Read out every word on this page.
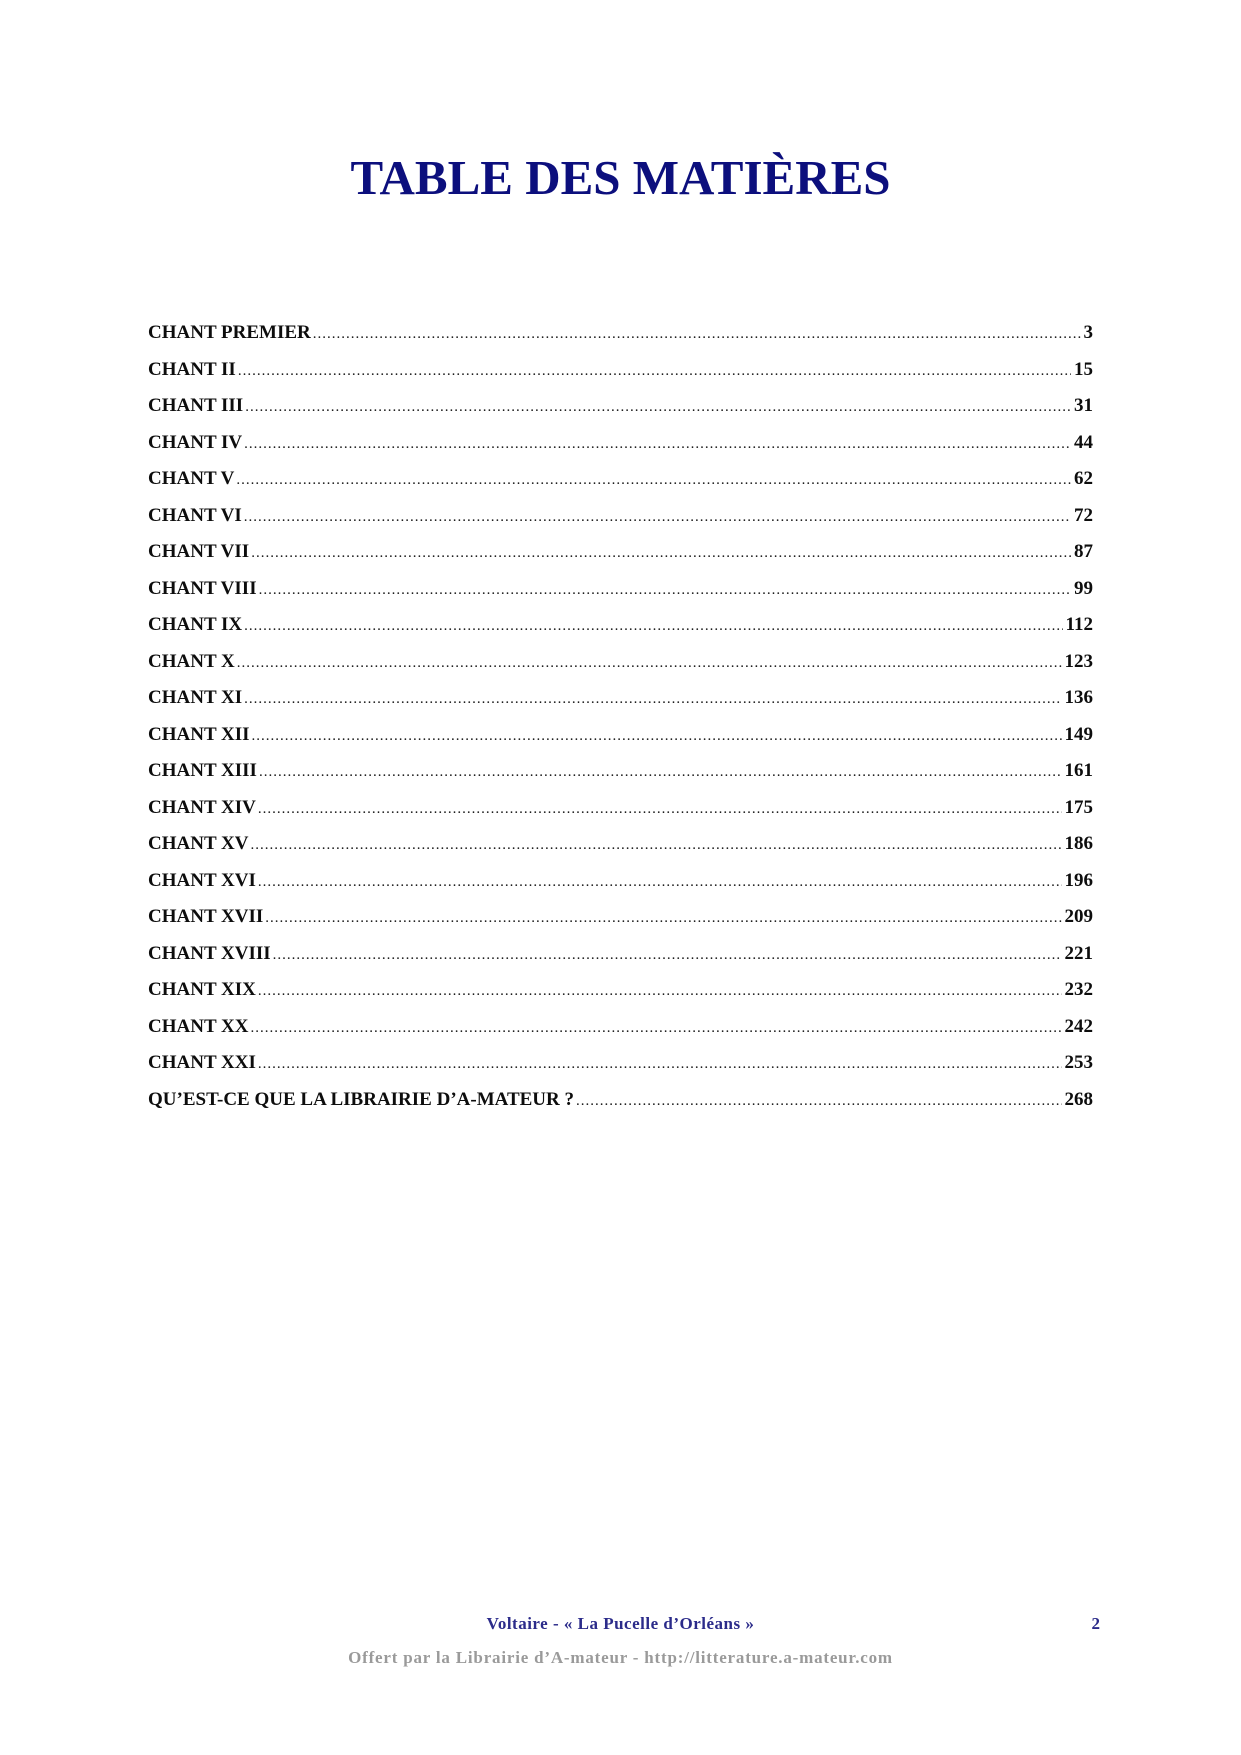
TABLE DES MATIÈRES
CHANT PREMIER .....	3
CHANT II .....	15
CHANT III .....	31
CHANT IV .....	44
CHANT V .....	62
CHANT VI .....	72
CHANT VII .....	87
CHANT VIII .....	99
CHANT IX .....	112
CHANT X .....	123
CHANT XI .....	136
CHANT XII .....	149
CHANT XIII .....	161
CHANT XIV .....	175
CHANT XV .....	186
CHANT XVI .....	196
CHANT XVII .....	209
CHANT XVIII .....	221
CHANT XIX .....	232
CHANT XX .....	242
CHANT XXI .....	253
QU’EST-CE QUE LA LIBRAIRIE D’A-MATEUR ? .....	268
Voltaire - « La Pucelle d’Orléans »	2
Offert par la Librairie d’A-mateur - http://litterature.a-mateur.com
